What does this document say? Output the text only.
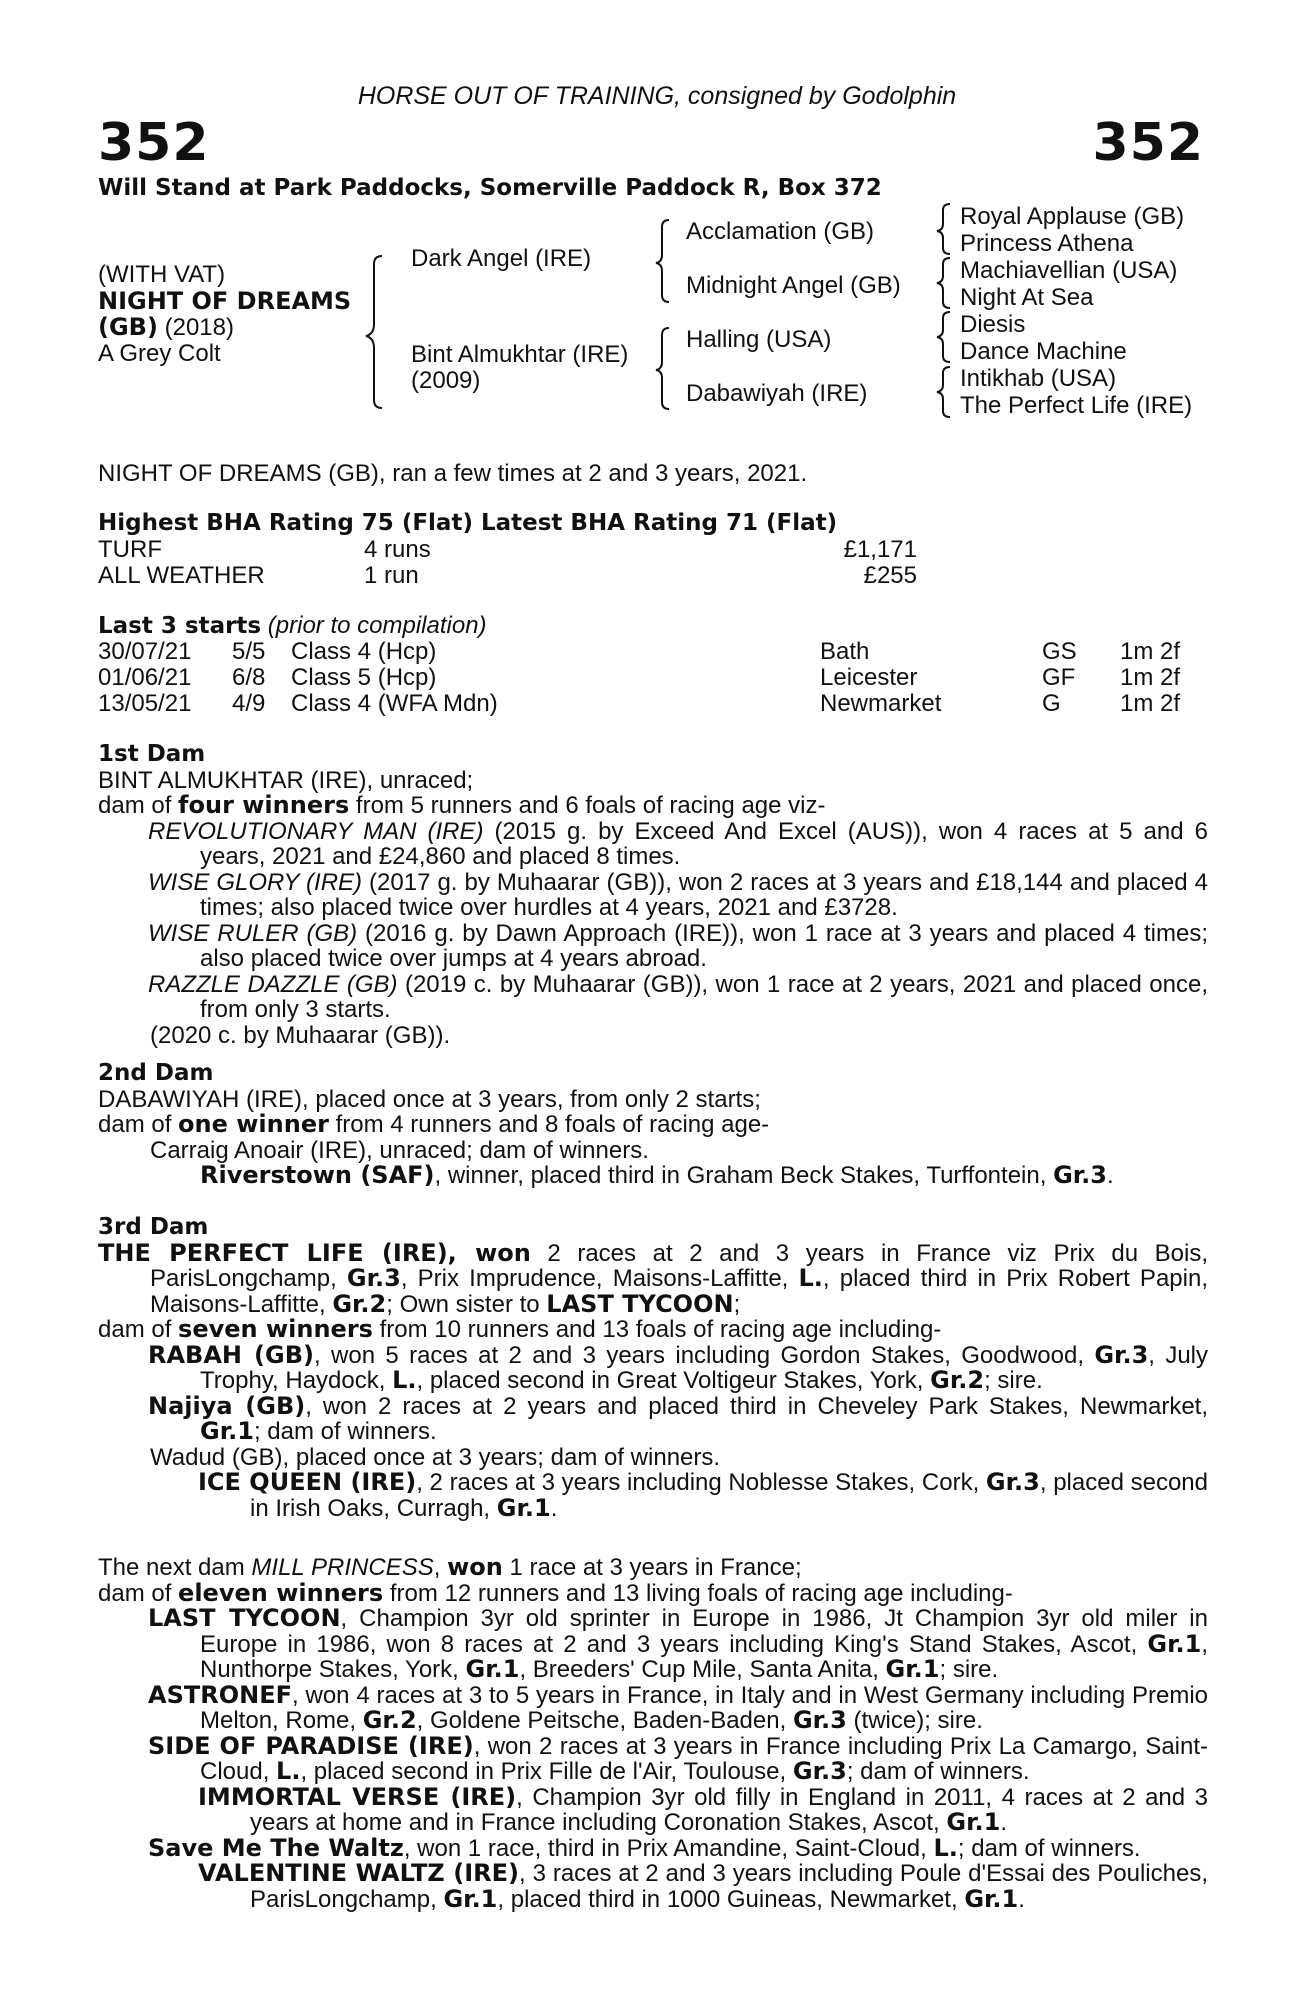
HORSE OUT OF TRAINING, consigned by Godolphin
352	352
Will Stand at Park Paddocks, Somerville Paddock R, Box 372
(WITH VAT)
NIGHT OF DREAMS
(GB) (2018)
A Grey Colt
Dark Angel (IRE)
Bint Almukhtar (IRE)
(2009)
Acclamation (GB)
Midnight Angel (GB)
Halling (USA)
Dabawiyah (IRE)
Royal Applause (GB)
Princess Athena
Machiavellian (USA)
Night At Sea
Diesis
Dance Machine
Intikhab (USA)
The Perfect Life (IRE)
NIGHT OF DREAMS (GB), ran a few times at 2 and 3 years, 2021.
Highest BHA Rating 75 (Flat) Latest BHA Rating 71 (Flat)
TURF	4 runs	£1,171
ALL WEATHER	1 run	£255
Last 3 starts (prior to compilation)
30/07/21 5/5 Class 4 (Hcp)	Bath	GS 1m 2f
01/06/21 6/8 Class 5 (Hcp)	Leicester	GF 1m 2f
13/05/21 4/9 Class 4 (WFA Mdn)	Newmarket	G 1m 2f

1st Dam

BINT ALMUKHTAR (IRE), unraced;

dam of four winners from 5 runners and 6 foals of racing age viz-

REVOLUTIONARY MAN (IRE) (2015 g. by Exceed And Excel (AUS)), won 4 races at 5 and 6 years, 2021 and £24,860 and placed 8 times.

WISE GLORY (IRE) (2017 g. by Muhaarar (GB)), won 2 races at 3 years and £18,144 and placed 4 times; also placed twice over hurdles at 4 years, 2021 and £3728.

WISE RULER (GB) (2016 g. by Dawn Approach (IRE)), won 1 race at 3 years and placed 4 times; also placed twice over jumps at 4 years abroad.

RAZZLE DAZZLE (GB) (2019 c. by Muhaarar (GB)), won 1 race at 2 years, 2021 and placed once, from only 3 starts.

(2020 c. by Muhaarar (GB)).

2nd Dam

DABAWIYAH (IRE), placed once at 3 years, from only 2 starts;

dam of one winner from 4 runners and 8 foals of racing age-

Carraig Anoair (IRE), unraced; dam of winners.

Riverstown (SAF), winner, placed third in Graham Beck Stakes, Turffontein, Gr.3.

3rd Dam

THE PERFECT LIFE (IRE), won 2 races at 2 and 3 years in France viz Prix du Bois, ParisLongchamp, Gr.3, Prix Imprudence, Maisons-Laffitte, L., placed third in Prix Robert Papin, Maisons-Laffitte, Gr.2; Own sister to LAST TYCOON;

dam of seven winners from 10 runners and 13 foals of racing age including-

RABAH (GB), won 5 races at 2 and 3 years including Gordon Stakes, Goodwood, Gr.3, July Trophy, Haydock, L., placed second in Great Voltigeur Stakes, York, Gr.2; sire.

Najiya (GB), won 2 races at 2 years and placed third in Cheveley Park Stakes, Newmarket, Gr.1; dam of winners.

Wadud (GB), placed once at 3 years; dam of winners.

ICE QUEEN (IRE), 2 races at 3 years including Noblesse Stakes, Cork, Gr.3, placed second in Irish Oaks, Curragh, Gr.1.

The next dam MILL PRINCESS, won 1 race at 3 years in France;

dam of eleven winners from 12 runners and 13 living foals of racing age including-

LAST TYCOON, Champion 3yr old sprinter in Europe in 1986, Jt Champion 3yr old miler in Europe in 1986, won 8 races at 2 and 3 years including King's Stand Stakes, Ascot, Gr.1, Nunthorpe Stakes, York, Gr.1, Breeders' Cup Mile, Santa Anita, Gr.1; sire.

ASTRONEF, won 4 races at 3 to 5 years in France, in Italy and in West Germany including Premio Melton, Rome, Gr.2, Goldene Peitsche, Baden-Baden, Gr.3 (twice); sire.

SIDE OF PARADISE (IRE), won 2 races at 3 years in France including Prix La Camargo, Saint-Cloud, L., placed second in Prix Fille de l'Air, Toulouse, Gr.3; dam of winners.

IMMORTAL VERSE (IRE), Champion 3yr old filly in England in 2011, 4 races at 2 and 3 years at home and in France including Coronation Stakes, Ascot, Gr.1.

Save Me The Waltz, won 1 race, third in Prix Amandine, Saint-Cloud, L.; dam of winners.

VALENTINE WALTZ (IRE), 3 races at 2 and 3 years including Poule d'Essai des Pouliches, ParisLongchamp, Gr.1, placed third in 1000 Guineas, Newmarket, Gr.1.
